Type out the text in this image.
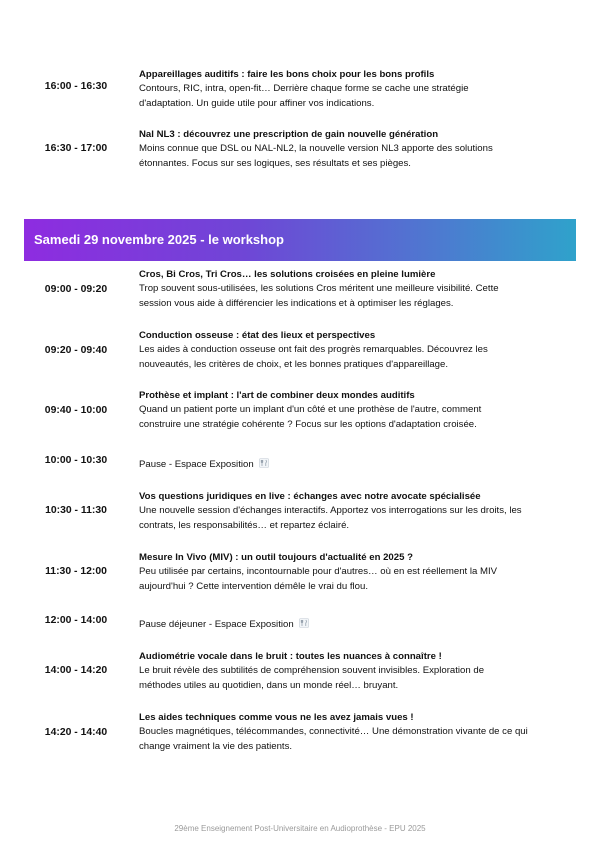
16:00 - 16:30
Appareillages auditifs : faire les bons choix pour les bons profils
Contours, RIC, intra, open-fit… Derrière chaque forme se cache une stratégie
d'adaptation. Un guide utile pour affiner vos indications.
16:30 - 17:00
Nal NL3 : découvrez une prescription de gain nouvelle génération
Moins connue que DSL ou NAL-NL2, la nouvelle version NL3 apporte des solutions
étonnantes. Focus sur ses logiques, ses résultats et ses pièges.
Samedi 29 novembre 2025 - le workshop
09:00 - 09:20
Cros, Bi Cros, Tri Cros… les solutions croisées en pleine lumière
Trop souvent sous-utilisées, les solutions Cros méritent une meilleure visibilité. Cette
session vous aide à différencier les indications et à optimiser les réglages.
09:20 - 09:40
Conduction osseuse : état des lieux et perspectives
Les aides à conduction osseuse ont fait des progrès remarquables. Découvrez les
nouveautés, les critères de choix, et les bonnes pratiques d'appareillage.
09:40 - 10:00
Prothèse et implant : l'art de combiner deux mondes auditifs
Quand un patient porte un implant d'un côté et une prothèse de l'autre, comment
construire une stratégie cohérente ? Focus sur les options d'adaptation croisée.
10:00 - 10:30	Pause - Espace Exposition
10:30 - 11:30
Vos questions juridiques en live : échanges avec notre avocate spécialisée
Une nouvelle session d'échanges interactifs. Apportez vos interrogations sur les droits, les
contrats, les responsabilités… et repartez éclairé.
11:30 - 12:00
Mesure In Vivo (MIV) : un outil toujours d'actualité en 2025 ?
Peu utilisée par certains, incontournable pour d'autres… où en est réellement la MIV
aujourd'hui ? Cette intervention démêle le vrai du flou.
12:00 - 14:00	Pause déjeuner - Espace Exposition
14:00 - 14:20
Audiométrie vocale dans le bruit : toutes les nuances à connaître !
Le bruit révèle des subtilités de compréhension souvent invisibles. Exploration de
méthodes utiles au quotidien, dans un monde réel… bruyant.
14:20 - 14:40
Les aides techniques comme vous ne les avez jamais vues !
Boucles magnétiques, télécommandes, connectivité… Une démonstration vivante de ce qui
change vraiment la vie des patients.
29ème Enseignement Post-Universitaire en Audioprothèse - EPU 2025
